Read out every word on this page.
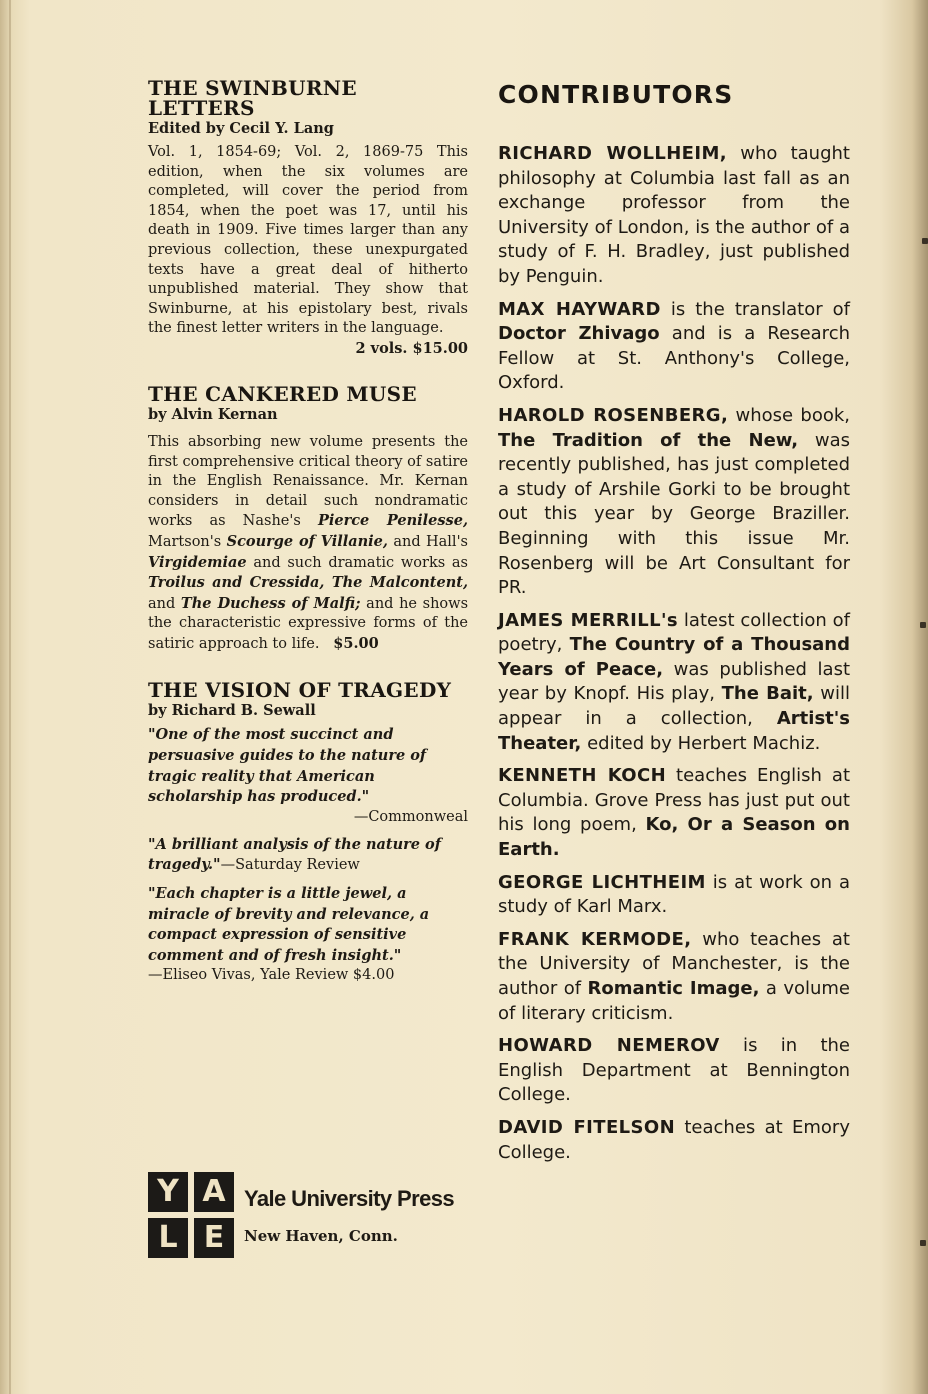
THE SWINBURNE LETTERS
Edited by Cecil Y. Lang

Vol. 1, 1854-69; Vol. 2, 1869-75 This edition, when the six volumes are completed, will cover the period from 1854, when the poet was 17, until his death in 1909. Five times larger than any previous collection, these unexpurgated texts have a great deal of hitherto unpublished material. They show that Swinburne, at his epistolary best, rivals the finest letter writers in the language.

2 vols. $15.00
THE CANKERED MUSE
by Alvin Kernan

This absorbing new volume presents the first comprehensive critical theory of satire in the English Renaissance. Mr. Kernan considers in detail such nondramatic works as Nashe's Pierce Penilesse, Martson's Scourge of Villanie, and Hall's Virgidemiae and such dramatic works as Troilus and Cressida, The Malcontent, and The Duchess of Malfi; and he shows the characteristic expressive forms of the satiric approach to life. $5.00

THE VISION OF TRAGEDY
by Richard B. Sewall
"One of the most succinct and persuasive guides to the nature of tragic reality that American scholarship has produced."
—Commonweal
"A brilliant analysis of the nature of tragedy."—Saturday Review
"Each chapter is a little jewel, a miracle of brevity and relevance, a compact expression of sensitive comment and of fresh insight."
—Eliseo Vivas, Yale Review $4.00
Y A
L E
Yale University Press
New Haven, Conn.
CONTRIBUTORS

RICHARD WOLLHEIM, who taught philosophy at Columbia last fall as an exchange professor from the University of London, is the author of a study of F. H. Bradley, just published by Penguin.

MAX HAYWARD is the translator of Doctor Zhivago and is a Research Fellow at St. Anthony's College, Oxford.

HAROLD ROSENBERG, whose book, The Tradition of the New, was recently published, has just completed a study of Arshile Gorki to be brought out this year by George Braziller. Beginning with this issue Mr. Rosenberg will be Art Consultant for PR.

JAMES MERRILL's latest collection of poetry, The Country of a Thousand Years of Peace, was published last year by Knopf. His play, The Bait, will appear in a collection, Artist's Theater, edited by Herbert Machiz.

KENNETH KOCH teaches English at Columbia. Grove Press has just put out his long poem, Ko, Or a Season on Earth.

GEORGE LICHTHEIM is at work on a study of Karl Marx.

FRANK KERMODE, who teaches at the University of Manchester, is the author of Romantic Image, a volume of literary criticism.

HOWARD NEMEROV is in the English Department at Bennington College.

DAVID FITELSON teaches at Emory College.
